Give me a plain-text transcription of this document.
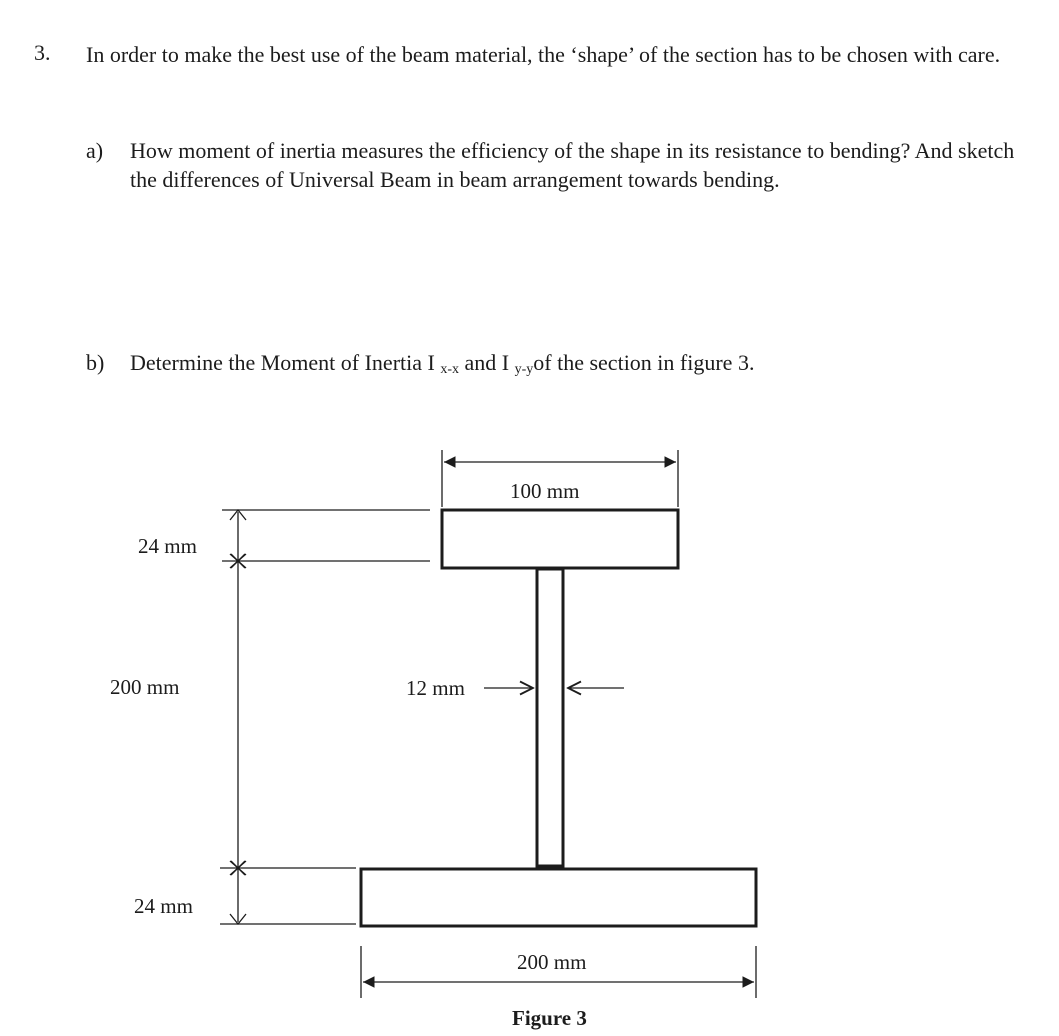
3. In order to make the best use of the beam material, the ‘shape’ of the section has to be chosen with care.
a) How moment of inertia measures the efficiency of the shape in its resistance to bending? And sketch the differences of Universal Beam in beam arrangement towards bending.
b) Determine the Moment of Inertia I $_{x-x}$ and I $_{y-y}$of the section in figure 3.
100 mm
24 mm
200 mm
24 mm
12 mm
200 mm
Figure 3
